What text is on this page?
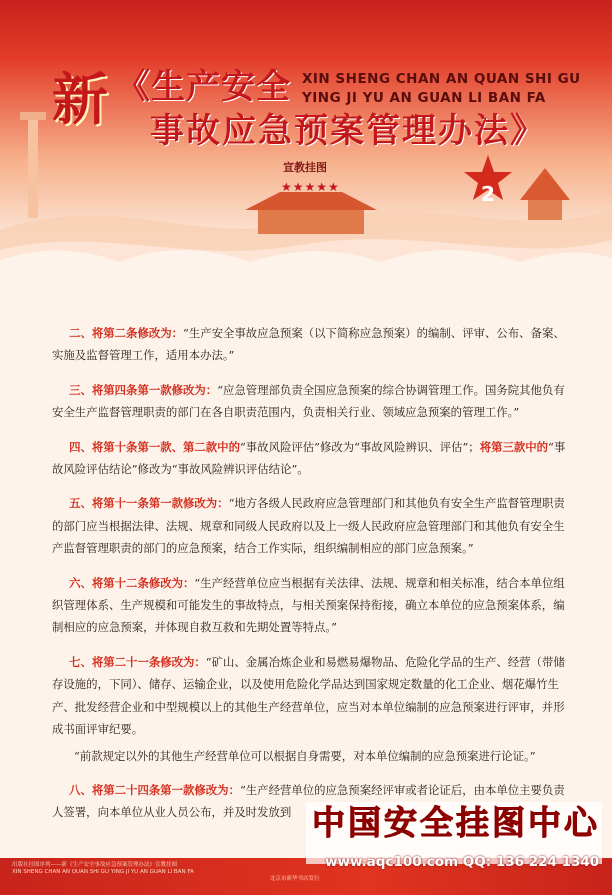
新 《生产安全
事故应急预案管理办法》
XIN SHENG CHAN AN QUAN SHI GU
YING JI YU AN GUAN LI BAN FA
宣教挂图
★★★★★	2

  二、将第二条修改为：“生产安全事故应急预案（以下简称应急预案）的编制、评审、公布、备案、实施及监督管理工作，适用本办法。”

  三、将第四条第一款修改为：“应急管理部负责全国应急预案的综合协调管理工作。国务院其他负有安全生产监督管理职责的部门在各自职责范围内，负责相关行业、领域应急预案的管理工作。”

  四、将第十条第一款、第二款中的“事故风险评估”修改为“事故风险辨识、评估”；将第三款中的“事故风险评估结论”修改为“事故风险辨识评估结论”。

  五、将第十一条第一款修改为：“地方各级人民政府应急管理部门和其他负有安全生产监督管理职责的部门应当根据法律、法规、规章和同级人民政府以及上一级人民政府应急管理部门和其他负有安全生产监督管理职责的部门的应急预案，结合工作实际，组织编制相应的部门应急预案。”

  六、将第十二条修改为：“生产经营单位应当根据有关法律、法规、规章和相关标准，结合本单位组织管理体系、生产规模和可能发生的事故特点，与相关预案保持衔接，确立本单位的应急预案体系，编制相应的应急预案，并体现自救互救和先期处置等特点。”

  七、将第二十一条修改为：“矿山、金属冶炼企业和易燃易爆物品、危险化学品的生产、经营（带储存设施的，下同）、储存、运输企业，以及使用危险化学品达到国家规定数量的化工企业、烟花爆竹生产、批发经营企业和中型规模以上的其他生产经营单位，应当对本单位编制的应急预案进行评审，并形成书面评审纪要。

“前款规定以外的其他生产经营单位可以根据自身需要，对本单位编制的应急预案进行论证。”

  八、将第二十四条第一款修改为：“生产经营单位的应急预案经评审或者论证后，由本单位主要负责人签署，向本单位从业人员公布，并及时发放到

出版社挂图序列——新《生产安全事故应急预案管理办法》宣教挂图
XIN SHENG CHAN AN QUAN SHI GU YING JI YU AN GUAN LI BAN FA
北京市新华书店发行
中国安全挂图中心
www.aqc100.com QQ: 136 224 1340
